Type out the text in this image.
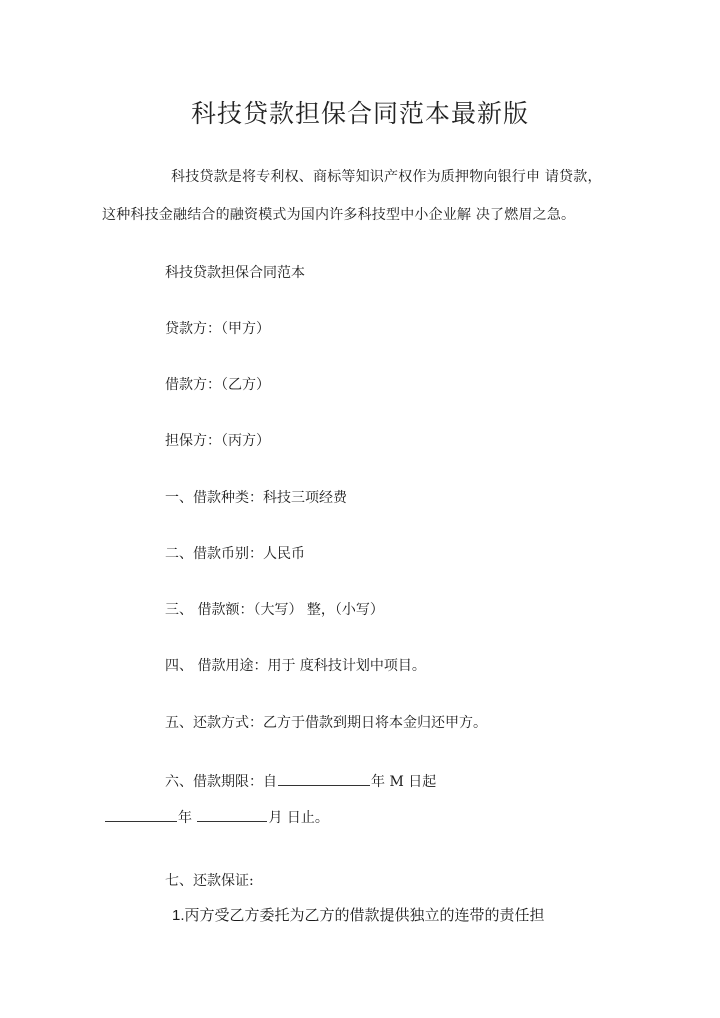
科技贷款担保合同范本最新版
科技贷款是将专利权、商标等知识产权作为质押物向银行申 请贷款，
这种科技金融结合的融资模式为国内许多科技型中小企业解 决了燃眉之急。
科技贷款担保合同范本
贷款方：（甲方）
借款方：（乙方）
担保方：（丙方）
一、借款种类：科技三项经费
二、借款币别：人民币
三、 借款额：（大写） 整，（小写）
四、 借款用途：用于 度科技计划中项目。
五、还款方式：乙方于借款到期日将本金归还甲方。
六、借款期限：自	年 M 日起
年	月 日止。
七、还款保证:
1.丙方受乙方委托为乙方的借款提供独立的连带的责任担
